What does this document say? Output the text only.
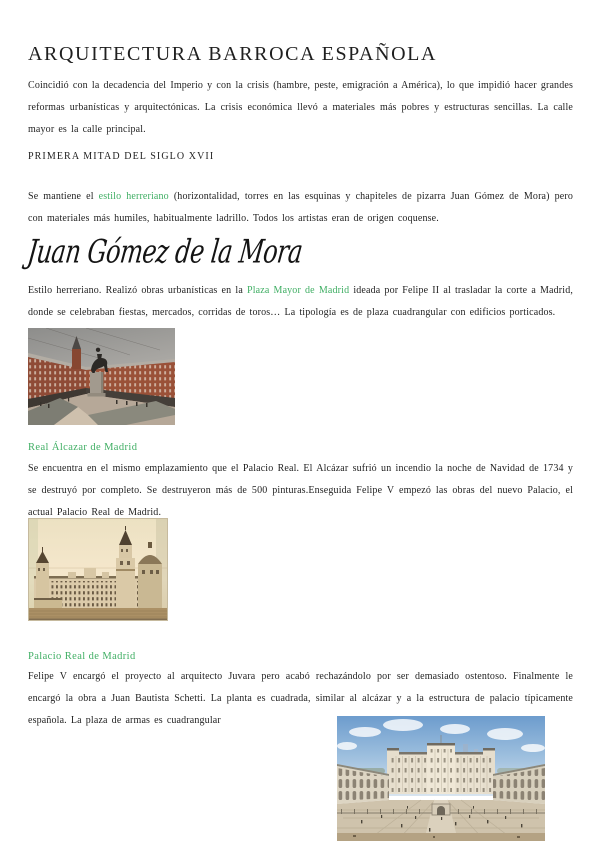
ARQUITECTURA BARROCA ESPAÑOLA

Coincidió con la decadencia del Imperio y con la crisis (hambre, peste, emigración a América), lo que impidió hacer grandes reformas urbanísticas y arquitectónicas. La crisis económica llevó a materiales más pobres y estructuras sencillas. La calle mayor es la calle principal.

PRIMERA MITAD DEL SIGLO XVII

Se mantiene el estilo herreriano (horizontalidad, torres en las esquinas y chapiteles de pizarra Juan Gómez de Mora) pero con materiales más humiles, habitualmente ladrillo. Todos los artistas eran de origen coquense.

Juan Gómez de la Mora

Estilo herreriano. Realizó obras urbanísticas en la Plaza Mayor de Madrid ideada por Felipe II al trasladar la corte a Madrid, donde se celebraban fiestas, mercados, corridas de toros… La tipología es de plaza cuadrangular con edificios porticados.

Real Álcazar de Madrid

Se encuentra en el mismo emplazamiento que el Palacio Real. El Alcázar sufrió un incendio la noche de Navidad de 1734 y se destruyó por completo. Se destruyeron más de 500 pinturas.Enseguida Felipe V empezó las obras del nuevo Palacio, el actual Palacio Real de Madrid.

Palacio Real de Madrid

Felipe V encargó el proyecto al arquitecto Juvara pero acabó rechazándolo por ser demasiado ostentoso. Finalmente le encargó la obra a Juan Bautista Schetti. La planta es cuadrada, similar al alcázar y a la estructura de palacio típicamente española. La plaza de armas es cuadrangular
